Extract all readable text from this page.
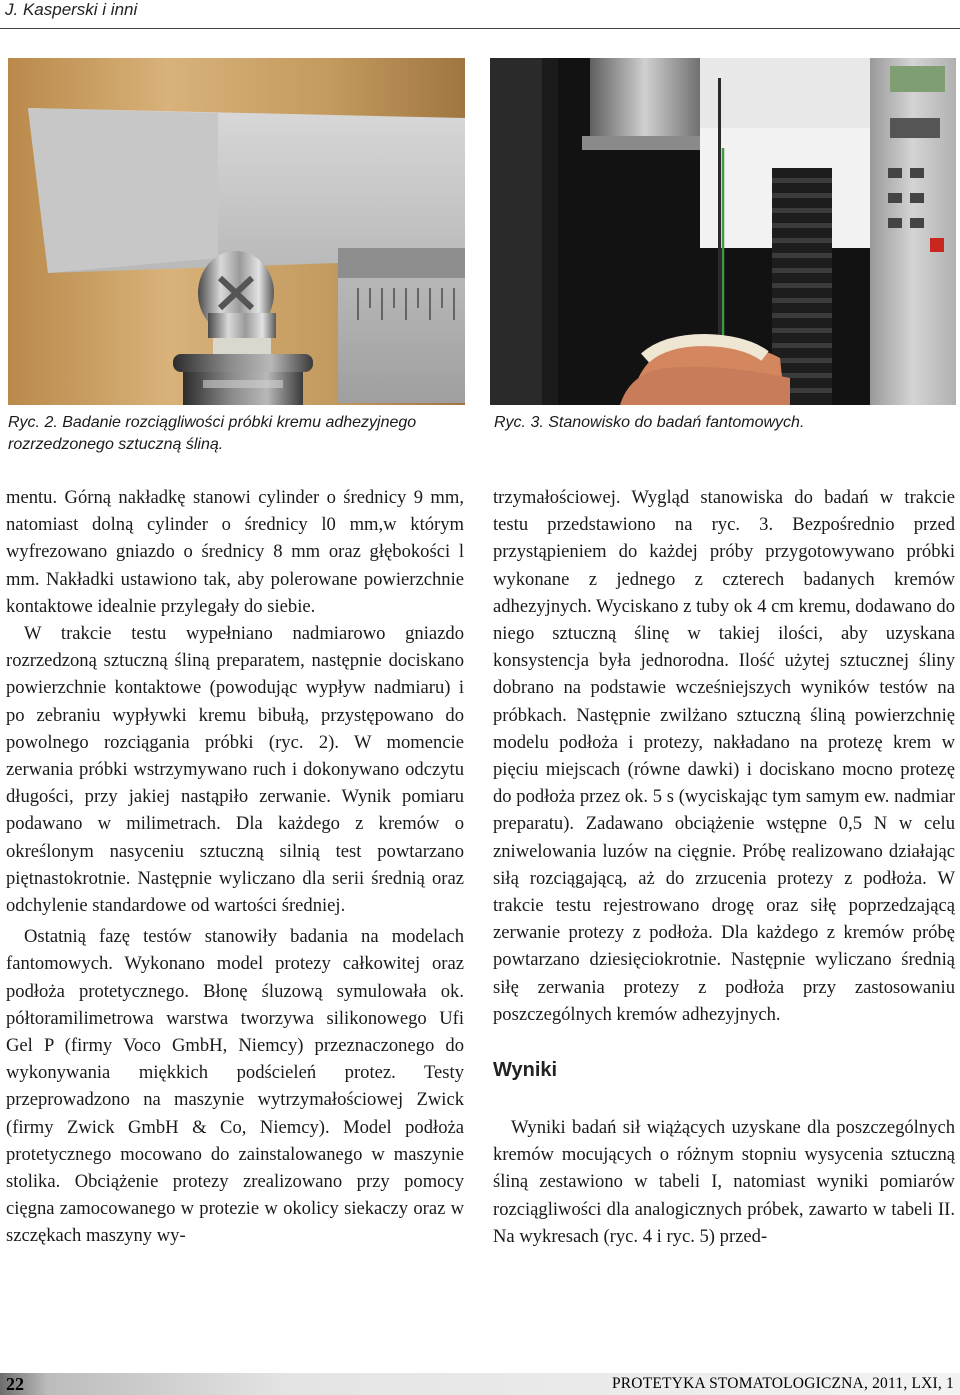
J. Kasperski i inni
Ryc. 2. Badanie rozciągliwości próbki kremu adhezyjnego rozrzedzonego sztuczną śliną.
Ryc. 3. Stanowisko do badań fantomowych.

mentu. Górną nakładkę stanowi cylinder o średnicy 9 mm, natomiast dolną cylinder o średnicy l0 mm,w którym wyfrezowano gniazdo o średnicy 8 mm oraz głębokości l mm. Nakładki ustawiono tak, aby polerowane powierzchnie kontaktowe idealnie przylegały do siebie.

W trakcie testu wypełniano nadmiarowo gniazdo rozrzedzoną sztuczną śliną preparatem, następnie dociskano powierzchnie kontaktowe (powodując wypływ nadmiaru) i po zebraniu wypływki kremu bibułą, przystępowano do powolnego rozciągania próbki (ryc. 2). W momencie zerwania próbki wstrzymywano ruch i dokonywano odczytu długości, przy jakiej nastąpiło zerwanie. Wynik pomiaru podawano w milimetrach. Dla każdego z kremów o określonym nasyceniu sztuczną silnią test powtarzano piętnastokrotnie. Następnie wyliczano dla serii średnią oraz odchylenie standardowe od wartości średniej.

Ostatnią fazę testów stanowiły badania na modelach fantomowych. Wykonano model protezy całkowitej oraz podłoża protetycznego. Błonę śluzową symulowała ok. półtoramilimetrowa warstwa tworzywa silikonowego Ufi Gel P (firmy Voco GmbH, Niemcy) przeznaczonego do wykonywania miękkich podścieleń protez. Testy przeprowadzono na maszynie wytrzymałościowej Zwick (firmy Zwick GmbH & Co, Niemcy). Model podłoża protetycznego mocowano do zainstalowanego w maszynie stolika. Obciążenie protezy zrealizowano przy pomocy cięgna zamocowanego w protezie w okolicy siekaczy oraz w szczękach maszyny wy-

trzymałościowej. Wygląd stanowiska do badań w trakcie testu przedstawiono na ryc. 3. Bezpośrednio przed przystąpieniem do każdej próby przygotowywano próbki wykonane z jednego z czterech badanych kremów adhezyjnych. Wyciskano z tuby ok 4 cm kremu, dodawano do niego sztuczną ślinę w takiej ilości, aby uzyskana konsystencja była jednorodna. Ilość użytej sztucznej śliny dobrano na podstawie wcześniejszych wyników testów na próbkach. Następnie zwilżano sztuczną śliną powierzchnię modelu podłoża i protezy, nakładano na protezę krem w pięciu miejscach (równe dawki) i dociskano mocno protezę do podłoża przez ok. 5 s (wyciskając tym samym ew. nadmiar preparatu). Zadawano obciążenie wstępne 0,5 N w celu zniwelowania luzów na cięgnie. Próbę realizowano działając siłą rozciągającą, aż do zrzucenia protezy z podłoża. W trakcie testu rejestrowano drogę oraz siłę poprzedzającą zerwanie protezy z podłoża. Dla każdego z kremów próbę powtarzano dziesięciokrotnie. Następnie wyliczano średnią siłę zerwania protezy z podłoża przy zastosowaniu poszczególnych kremów adhezyjnych.

Wyniki

Wyniki badań sił wiążących uzyskane dla poszczególnych kremów mocujących o różnym stopniu wysycenia sztuczną śliną zestawiono w tabeli I, natomiast wyniki pomiarów rozciągliwości dla analogicznych próbek, zawarto w tabeli II. Na wykresach (ryc. 4 i ryc. 5) przed-

22	PROTETYKA STOMATOLOGICZNA, 2011, LXI, 1
